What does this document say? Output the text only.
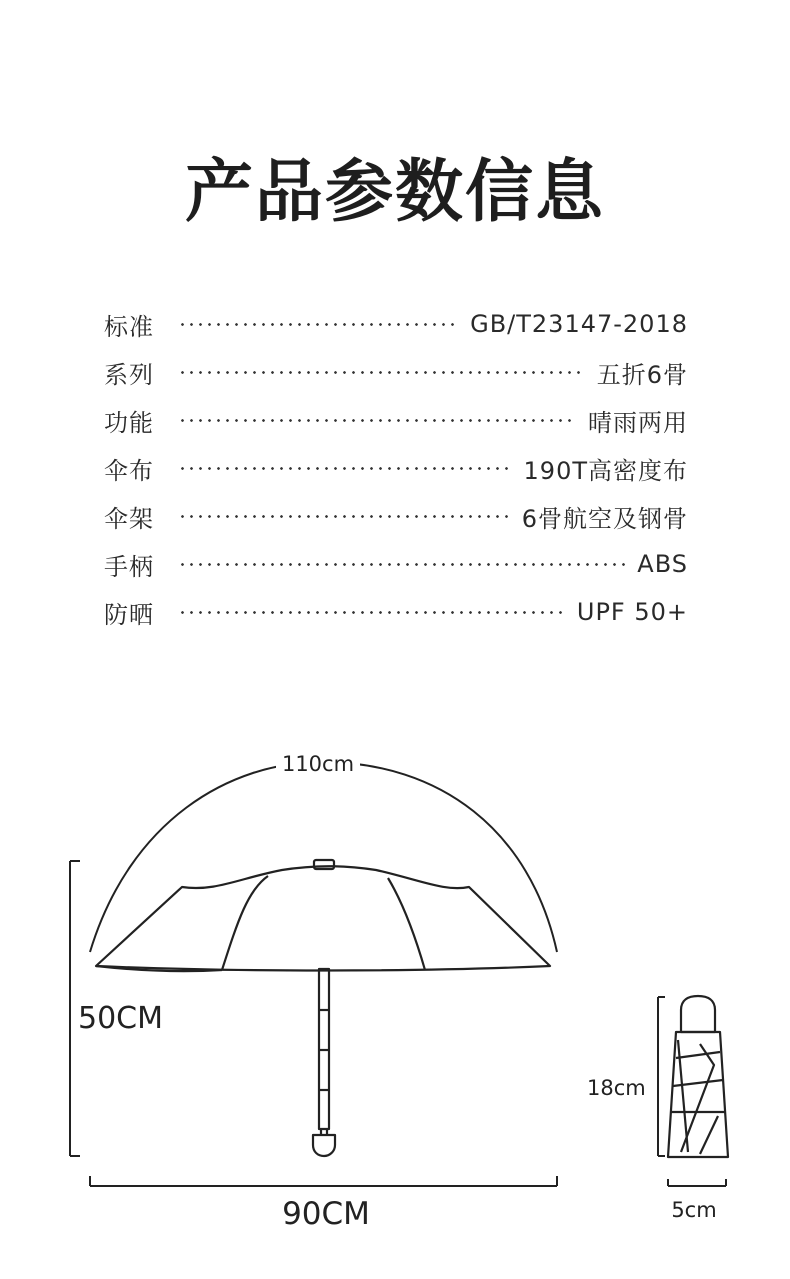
产品参数信息
标准	GB/T23147-2018
系列	五折6骨
功能	晴雨两用
伞布	190T高密度布
伞架	6骨航空及钢骨
手柄	ABS
防晒	UPF 50+
110cm
50CM
90CM
18cm
5cm
